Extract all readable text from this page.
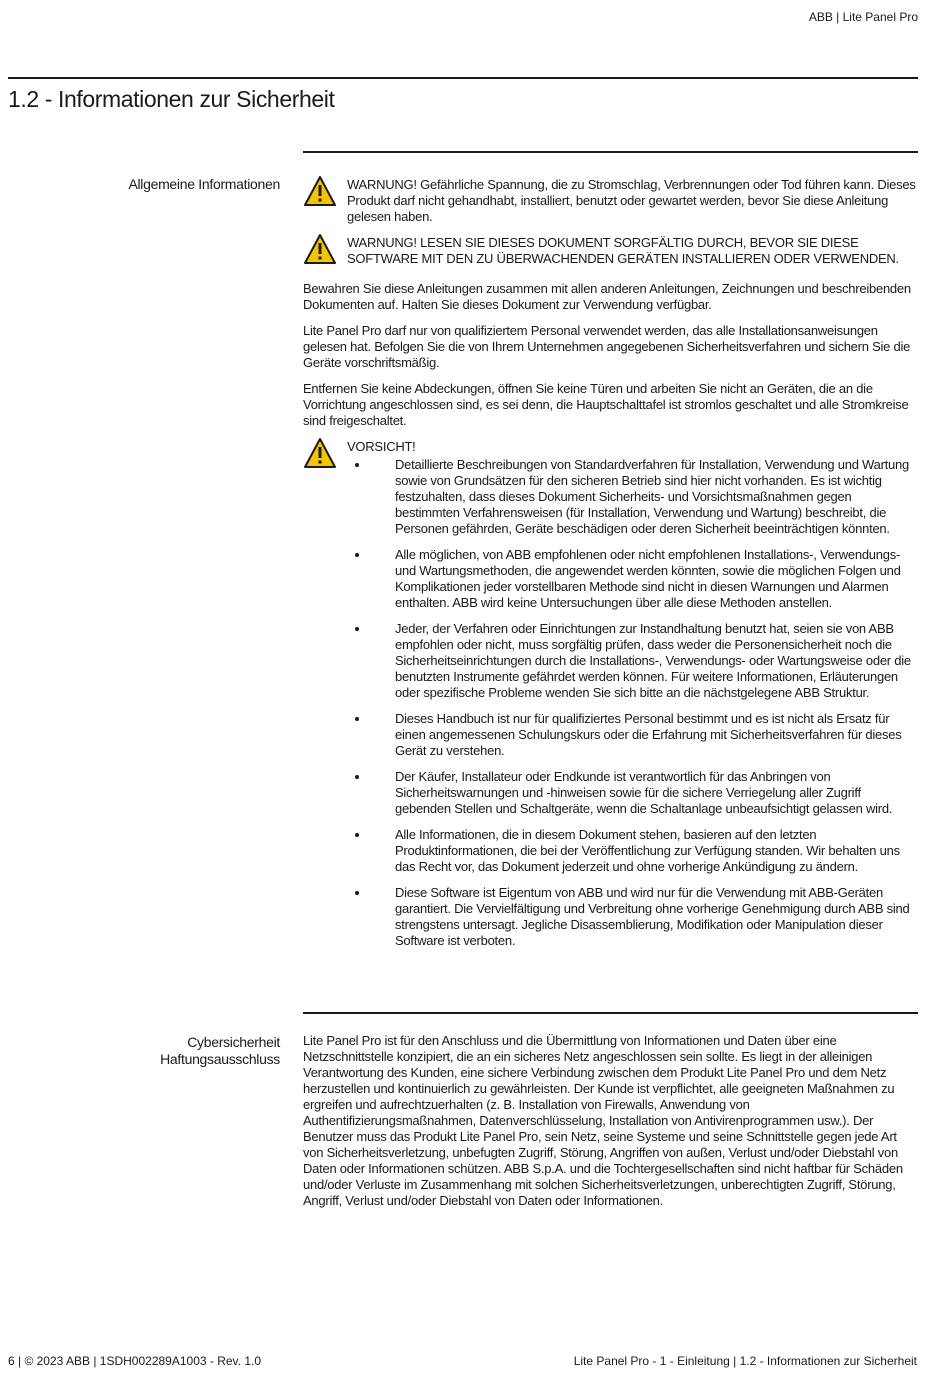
ABB | Lite Panel Pro
1.2 - Informationen zur Sicherheit
Allgemeine Informationen	WARNUNG! Gefährliche Spannung, die zu Stromschlag, Verbrennungen oder Tod führen kann. Dieses Produkt darf nicht gehandhabt, installiert, benutzt oder gewartet werden, bevor Sie diese Anleitung gelesen haben.
WARNUNG! LESEN SIE DIESES DOKUMENT SORGFÄLTIG DURCH, BEVOR SIE DIESE SOFTWARE MIT DEN ZU ÜBERWACHENDEN GERÄTEN INSTALLIEREN ODER VERWENDEN.

Bewahren Sie diese Anleitungen zusammen mit allen anderen Anleitungen, Zeichnungen und beschreibenden Dokumenten auf. Halten Sie dieses Dokument zur Verwendung verfügbar.

Lite Panel Pro darf nur von qualifiziertem Personal verwendet werden, das alle Installationsanweisungen gelesen hat. Befolgen Sie die von Ihrem Unternehmen angegebenen Sicherheitsverfahren und sichern Sie die Geräte vorschriftsmäßig.

Entfernen Sie keine Abdeckungen, öffnen Sie keine Türen und arbeiten Sie nicht an Geräten, die an die Vorrichtung angeschlossen sind, es sei denn, die Hauptschalttafel ist stromlos geschaltet und alle Stromkreise sind freigeschaltet.

VORSICHT!
Detaillierte Beschreibungen von Standardverfahren für Installation, Verwendung und Wartung sowie von Grundsätzen für den sicheren Betrieb sind hier nicht vorhanden. Es ist wichtig festzuhalten, dass dieses Dokument Sicherheits- und Vorsichtsmaßnahmen gegen bestimmten Verfahrensweisen (für Installation, Verwendung und Wartung) beschreibt, die Personen gefährden, Geräte beschädigen oder deren Sicherheit beeinträchtigen könnten.
Alle möglichen, von ABB empfohlenen oder nicht empfohlenen Installations-, Verwendungs- und Wartungsmethoden, die angewendet werden könnten, sowie die möglichen Folgen und Komplikationen jeder vorstellbaren Methode sind nicht in diesen Warnungen und Alarmen enthalten. ABB wird keine Untersuchungen über alle diese Methoden anstellen.
Jeder, der Verfahren oder Einrichtungen zur Instandhaltung benutzt hat, seien sie von ABB empfohlen oder nicht, muss sorgfältig prüfen, dass weder die Personensicherheit noch die Sicherheitseinrichtungen durch die Installations-, Verwendungs- oder Wartungsweise oder die benutzten Instrumente gefährdet werden können. Für weitere Informationen, Erläuterungen oder spezifische Probleme wenden Sie sich bitte an die nächstgelegene ABB Struktur.
Dieses Handbuch ist nur für qualifiziertes Personal bestimmt und es ist nicht als Ersatz für einen angemessenen Schulungskurs oder die Erfahrung mit Sicherheitsverfahren für dieses Gerät zu verstehen.
Der Käufer, Installateur oder Endkunde ist verantwortlich für das Anbringen von Sicherheitswarnungen und -hinweisen sowie für die sichere Verriegelung aller Zugriff gebenden Stellen und Schaltgeräte, wenn die Schaltanlage unbeaufsichtigt gelassen wird.
Alle Informationen, die in diesem Dokument stehen, basieren auf den letzten Produktinformationen, die bei der Veröffentlichung zur Verfügung standen. Wir behalten uns das Recht vor, das Dokument jederzeit und ohne vorherige Ankündigung zu ändern.
Diese Software ist Eigentum von ABB und wird nur für die Verwendung mit ABB-Geräten garantiert. Die Vervielfältigung und Verbreitung ohne vorherige Genehmigung durch ABB sind strengstens untersagt. Jegliche Disassemblierung, Modifikation oder Manipulation dieser Software ist verboten.
Cybersicherheit
Haftungsausschluss

Lite Panel Pro ist für den Anschluss und die Übermittlung von Informationen und Daten über eine Netzschnittstelle konzipiert, die an ein sicheres Netz angeschlossen sein sollte. Es liegt in der alleinigen Verantwortung des Kunden, eine sichere Verbindung zwischen dem Produkt Lite Panel Pro und dem Netz herzustellen und kontinuierlich zu gewährleisten. Der Kunde ist verpflichtet, alle geeigneten Maßnahmen zu ergreifen und aufrechtzuerhalten (z. B. Installation von Firewalls, Anwendung von Authentifizierungsmaßnahmen, Datenverschlüsselung, Installation von Antivirenprogrammen usw.). Der Benutzer muss das Produkt Lite Panel Pro, sein Netz, seine Systeme und seine Schnittstelle gegen jede Art von Sicherheitsverletzung, unbefugten Zugriff, Störung, Angriffen von außen, Verlust und/oder Diebstahl von Daten oder Informationen schützen. ABB S.p.A. und die Tochtergesellschaften sind nicht haftbar für Schäden und/oder Verluste im Zusammenhang mit solchen Sicherheitsverletzungen, unberechtigten Zugriff, Störung, Angriff, Verlust und/oder Diebstahl von Daten oder Informationen.

6 | © 2023 ABB | 1SDH002289A1003 - Rev. 1.0	Lite Panel Pro - 1 - Einleitung | 1.2 - Informationen zur Sicherheit
